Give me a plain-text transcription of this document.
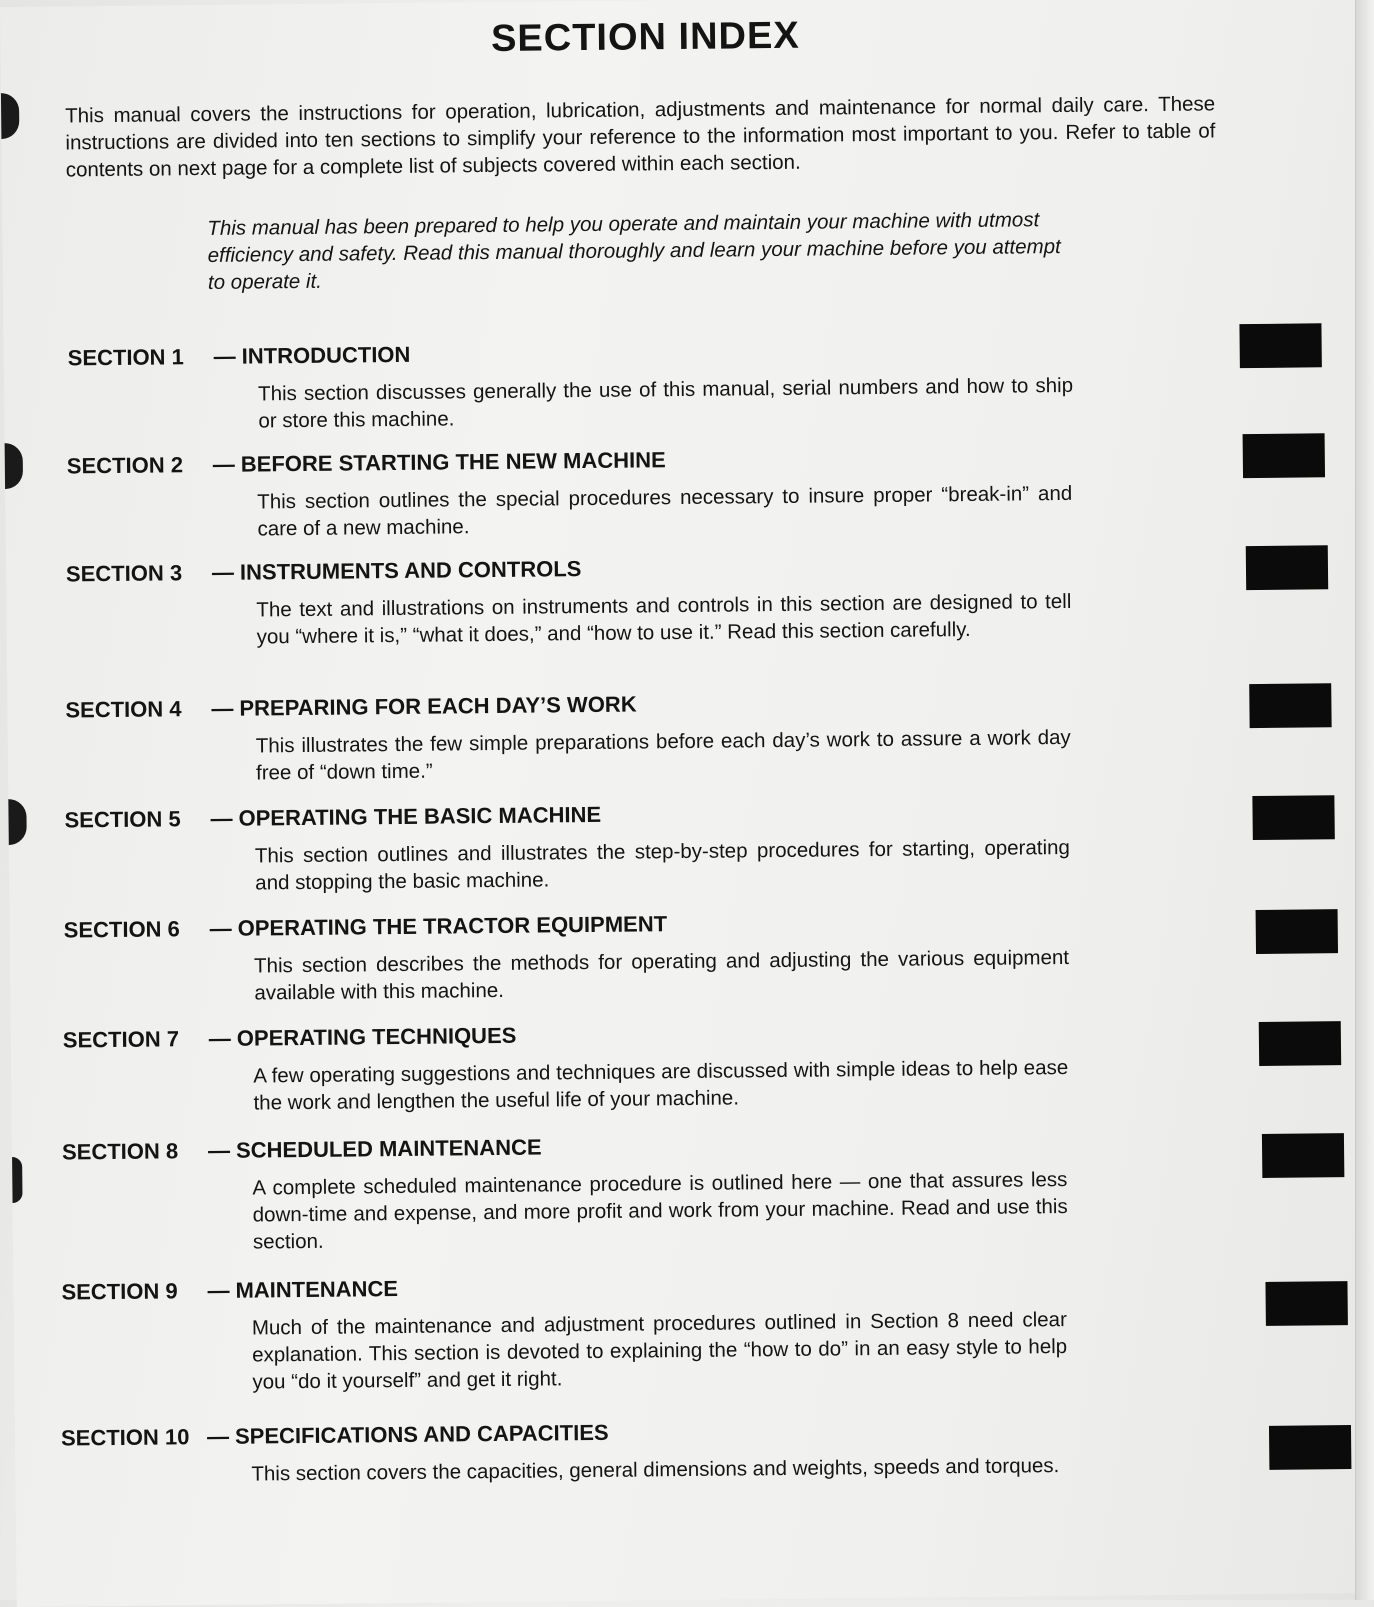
SECTION INDEX

This manual covers the instructions for operation, lubrication, adjustments and maintenance for normal daily care. These instructions are divided into ten sections to simplify your reference to the information most important to you. Refer to table of contents on next page for a complete list of subjects covered within each section.

This manual has been prepared to help you operate and maintain your machine with utmost efficiency and safety. Read this manual thoroughly and learn your machine before you attempt to operate it.

SECTION 1 — INTRODUCTION
This section discusses generally the use of this manual, serial numbers and how to ship or store this machine.
SECTION 2 — BEFORE STARTING THE NEW MACHINE
This section outlines the special procedures necessary to insure proper “break-in” and care of a new machine.
SECTION 3 — INSTRUMENTS AND CONTROLS
The text and illustrations on instruments and controls in this section are designed to tell you “where it is,” “what it does,” and “how to use it.” Read this section carefully.
SECTION 4 — PREPARING FOR EACH DAY’S WORK
This illustrates the few simple preparations before each day’s work to assure a work day free of “down time.”
SECTION 5 — OPERATING THE BASIC MACHINE
This section outlines and illustrates the step-by-step procedures for starting, operating and stopping the basic machine.
SECTION 6 — OPERATING THE TRACTOR EQUIPMENT
This section describes the methods for operating and adjusting the various equipment available with this machine.
SECTION 7 — OPERATING TECHNIQUES
A few operating suggestions and techniques are discussed with simple ideas to help ease the work and lengthen the useful life of your machine.
SECTION 8 — SCHEDULED MAINTENANCE
A complete scheduled maintenance procedure is outlined here — one that assures less down-time and expense, and more profit and work from your machine. Read and use this section.
SECTION 9 — MAINTENANCE
Much of the maintenance and adjustment procedures outlined in Section 8 need clear explanation. This section is devoted to explaining the “how to do” in an easy style to help you “do it yourself” and get it right.
SECTION 10 — SPECIFICATIONS AND CAPACITIES
This section covers the capacities, general dimensions and weights, speeds and torques.
